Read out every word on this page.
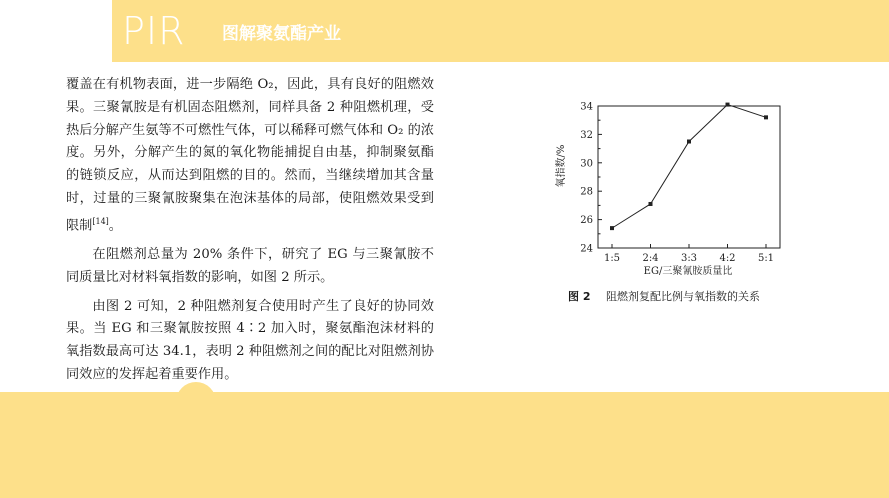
PIR 图解聚氨酯产业

覆盖在有机物表面，进一步隔绝 O₂，因此，具有良好的阻燃效果。三聚氰胺是有机固态阻燃剂，同样具备 2 种阻燃机理，受热后分解产生氨等不可燃性气体，可以稀释可燃气体和 O₂ 的浓度。另外，分解产生的氮的氧化物能捕捉自由基，抑制聚氨酯的链锁反应，从而达到阻燃的目的。然而，当继续增加其含量时，过量的三聚氰胺聚集在泡沫基体的局部，使阻燃效果受到限制[14]。

在阻燃剂总量为 20% 条件下，研究了 EG 与三聚氰胺不同质量比对材料氧指数的影响，如图 2 所示。

由图 2 可知，2 种阻燃剂复合使用时产生了良好的协同效果。当 EG 和三聚氰胺按照 4∶2 加入时，聚氨酯泡沫材料的氧指数最高可达 34.1，表明 2 种阻燃剂之间的配比对阻燃剂协同效应的发挥起着重要作用。

24
26
28
30
32
34
1:5 2:4 3:3 4:2 5:1
氧指数/%
EG/三聚氰胺质量比
图 2 阻燃剂复配比例与氧指数的关系
